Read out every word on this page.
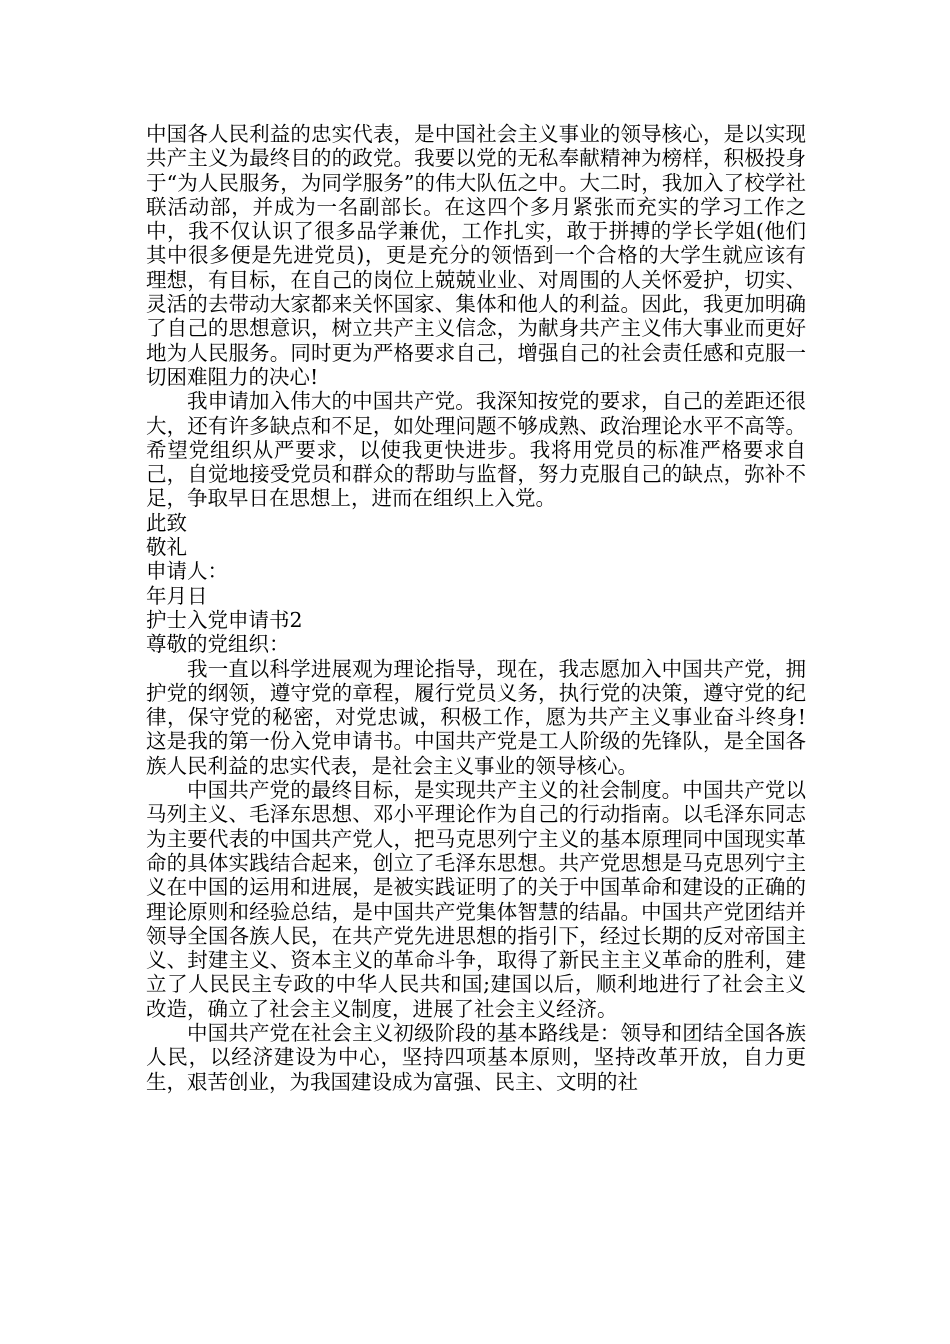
中国各人民利益的忠实代表，是中国社会主义事业的领导核心，是以实现共产主义为最终目的的政党。我要以党的无私奉献精神为榜样，积极投身于“为人民服务，为同学服务”的伟大队伍之中。大二时，我加入了校学社联活动部，并成为一名副部长。在这四个多月紧张而充实的学习工作之中，我不仅认识了很多品学兼优，工作扎实，敢于拼搏的学长学姐(他们其中很多便是先进党员)，更是充分的领悟到一个合格的大学生就应该有理想，有目标，在自己的岗位上兢兢业业、对周围的人关怀爱护，切实、灵活的去带动大家都来关怀国家、集体和他人的利益。因此，我更加明确了自己的思想意识，树立共产主义信念，为献身共产主义伟大事业而更好地为人民服务。同时更为严格要求自己，增强自己的社会责任感和克服一切困难阻力的决心!

我申请加入伟大的中国共产党。我深知按党的要求，自己的差距还很大，还有许多缺点和不足，如处理问题不够成熟、政治理论水平不高等。希望党组织从严要求，以使我更快进步。我将用党员的标准严格要求自己，自觉地接受党员和群众的帮助与监督，努力克服自己的缺点，弥补不足，争取早日在思想上，进而在组织上入党。

此致

敬礼

申请人：

年月日

护士入党申请书2

尊敬的党组织：

我一直以科学进展观为理论指导，现在，我志愿加入中国共产党，拥护党的纲领，遵守党的章程，履行党员义务，执行党的决策，遵守党的纪律，保守党的秘密，对党忠诚，积极工作，愿为共产主义事业奋斗终身!这是我的第一份入党申请书。中国共产党是工人阶级的先锋队，是全国各族人民利益的忠实代表，是社会主义事业的领导核心。

中国共产党的最终目标，是实现共产主义的社会制度。中国共产党以马列主义、毛泽东思想、邓小平理论作为自己的行动指南。以毛泽东同志为主要代表的中国共产党人，把马克思列宁主义的基本原理同中国现实革命的具体实践结合起来，创立了毛泽东思想。共产党思想是马克思列宁主义在中国的运用和进展，是被实践证明了的关于中国革命和建设的正确的理论原则和经验总结，是中国共产党集体智慧的结晶。中国共产党团结并领导全国各族人民，在共产党先进思想的指引下，经过长期的反对帝国主义、封建主义、资本主义的革命斗争，取得了新民主主义革命的胜利，建立了人民民主专政的中华人民共和国;建国以后，顺利地进行了社会主义改造，确立了社会主义制度，进展了社会主义经济。

中国共产党在社会主义初级阶段的基本路线是：领导和团结全国各族人民，以经济建设为中心，坚持四项基本原则，坚持改革开放，自力更生，艰苦创业，为我国建设成为富强、民主、文明的社
